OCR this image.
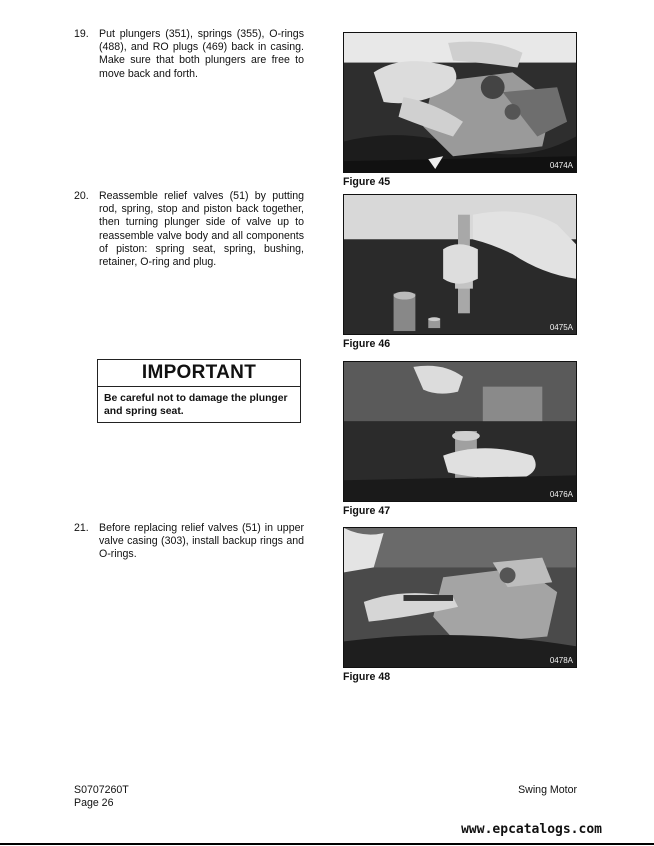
19. Put plungers (351), springs (355), O-rings (488), and RO plugs (469) back in casing. Make sure that both plungers are free to move back and forth.
20. Reassemble relief valves (51) by putting rod, spring, stop and piston back together, then turning plunger side of valve up to reassemble valve body and all components of piston: spring seat, spring, bushing, retainer, O-ring and plug.
21. Before replacing relief valves (51) in upper valve casing (303), install backup rings and O-rings.
IMPORTANT
Be careful not to damage the plunger and spring seat.
0474A
Figure 45
0475A
Figure 46
0476A
Figure 47
0478A
Figure 48
S0707260T
Page 26
Swing Motor
www.epcatalogs.com
